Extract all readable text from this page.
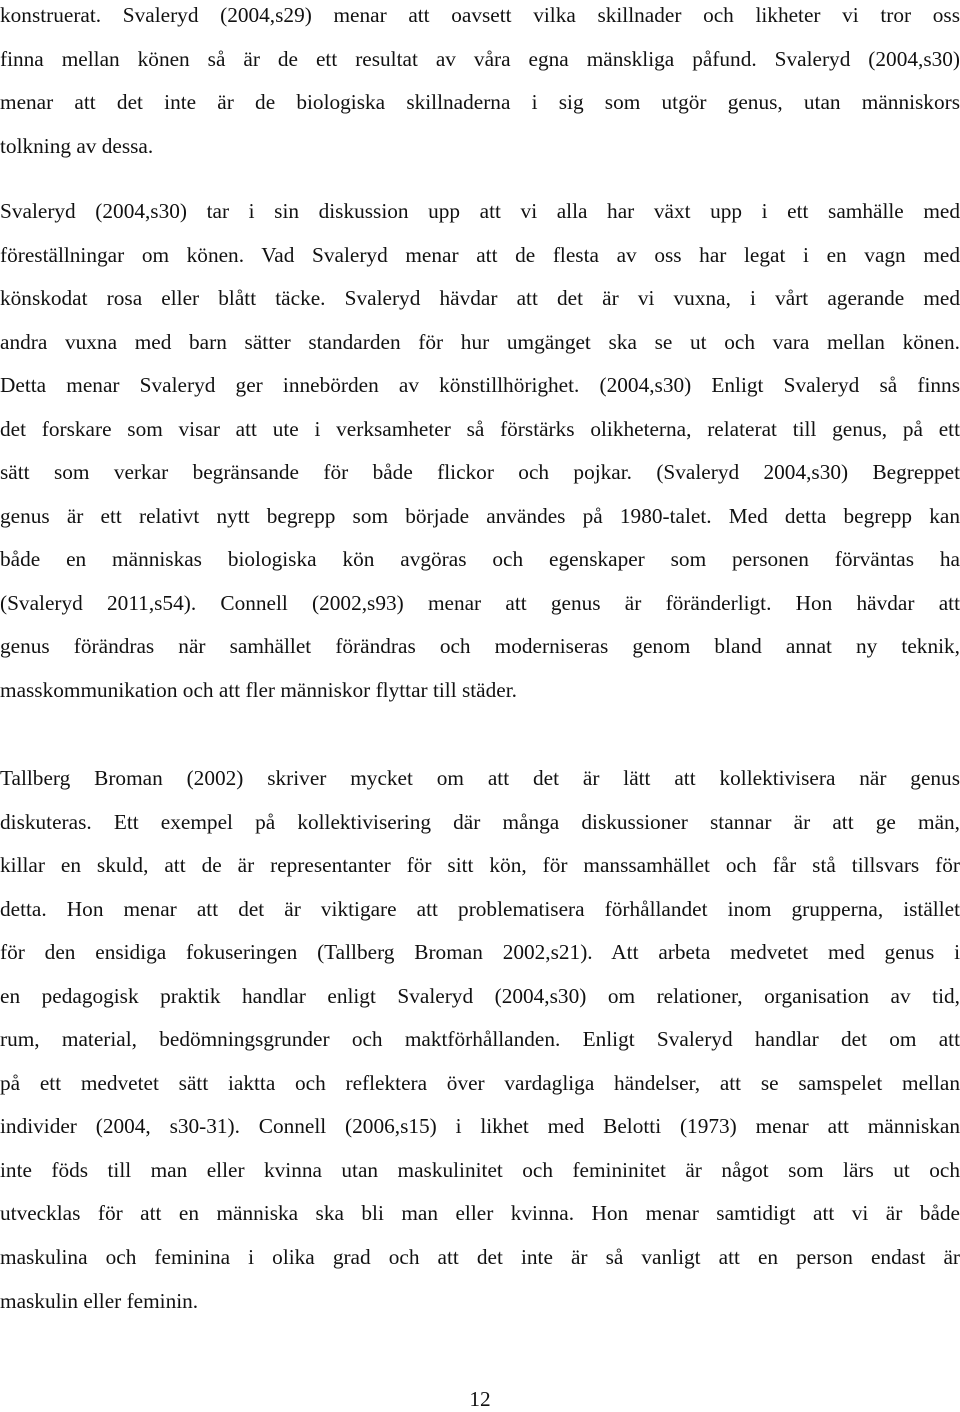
konstruerat. Svaleryd (2004,s29) menar att oavsett vilka skillnader och likheter vi tror oss
finna mellan könen så är de ett resultat av våra egna mänskliga påfund. Svaleryd (2004,s30)
menar att det inte är de biologiska skillnaderna i sig som utgör genus, utan människors
tolkning av dessa.
Svaleryd (2004,s30) tar i sin diskussion upp att vi alla har växt upp i ett samhälle med
föreställningar om könen. Vad Svaleryd menar att de flesta av oss har legat i en vagn med
könskodat rosa eller blått täcke. Svaleryd hävdar att det är vi vuxna, i vårt agerande med
andra vuxna med barn sätter standarden för hur umgänget ska se ut och vara mellan könen.
Detta menar Svaleryd ger innebörden av könstillhörighet. (2004,s30) Enligt Svaleryd så finns
det forskare som visar att ute i verksamheter så förstärks olikheterna, relaterat till genus, på ett
sätt som verkar begränsande för både flickor och pojkar. (Svaleryd 2004,s30) Begreppet
genus är ett relativt nytt begrepp som började användes på 1980-talet. Med detta begrepp kan
både en människas biologiska kön avgöras och egenskaper som personen förväntas ha
(Svaleryd 2011,s54). Connell (2002,s93) menar att genus är föränderligt. Hon hävdar att
genus förändras när samhället förändras och moderniseras genom bland annat ny teknik,
masskommunikation och att fler människor flyttar till städer.
Tallberg Broman (2002) skriver mycket om att det är lätt att kollektivisera när genus
diskuteras. Ett exempel på kollektivisering där många diskussioner stannar är att ge män,
killar en skuld, att de är representanter för sitt kön, för manssamhället och får stå tillsvars för
detta. Hon menar att det är viktigare att problematisera förhållandet inom grupperna, istället
för den ensidiga fokuseringen (Tallberg Broman 2002,s21). Att arbeta medvetet med genus i
en pedagogisk praktik handlar enligt Svaleryd (2004,s30) om relationer, organisation av tid,
rum, material, bedömningsgrunder och maktförhållanden. Enligt Svaleryd handlar det om att
på ett medvetet sätt iaktta och reflektera över vardagliga händelser, att se samspelet mellan
individer (2004, s30-31). Connell (2006,s15) i likhet med Belotti (1973) menar att människan
inte föds till man eller kvinna utan maskulinitet och femininitet är något som lärs ut och
utvecklas för att en människa ska bli man eller kvinna. Hon menar samtidigt att vi är både
maskulina och feminina i olika grad och att det inte är så vanligt att en person endast är
maskulin eller feminin.
12
